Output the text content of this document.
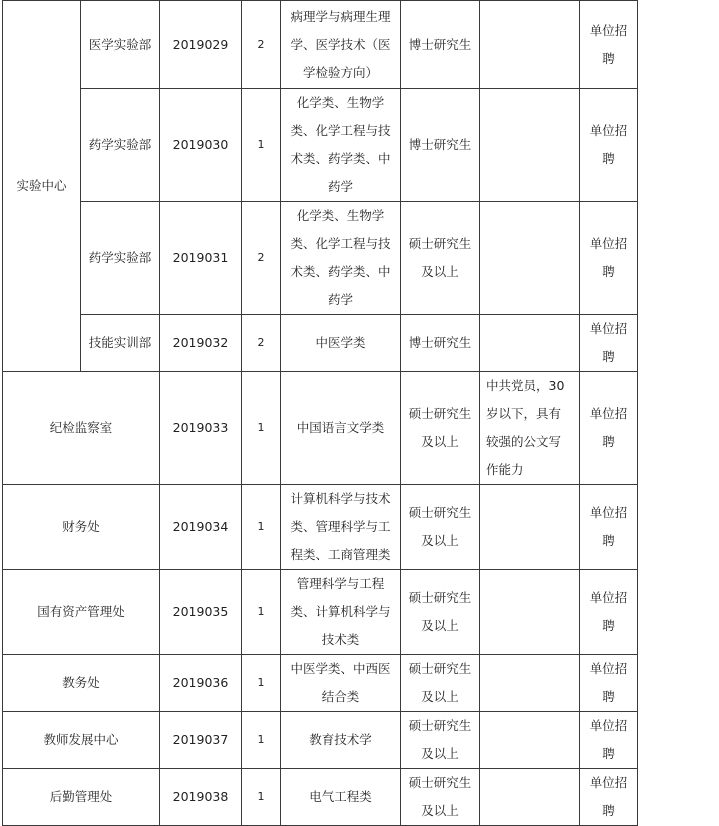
实验中心	医学实验部	2019029	2	病理学与病理生理学、医学技术（医学检验方向）	博士研究生		单位招聘
	药学实验部	2019030	1	化学类、生物学类、化学工程与技术类、药学类、中药学	博士研究生		单位招聘
	药学实验部	2019031	2	化学类、生物学类、化学工程与技术类、药学类、中药学	硕士研究生及以上		单位招聘
	技能实训部	2019032	2	中医学类	博士研究生		单位招聘
纪检监察室		2019033	1	中国语言文学类	硕士研究生及以上	中共党员，30岁以下，具有较强的公文写作能力	单位招聘
财务处		2019034	1	计算机科学与技术类、管理科学与工程类、工商管理类	硕士研究生及以上		单位招聘
国有资产管理处		2019035	1	管理科学与工程类、计算机科学与技术类	硕士研究生及以上		单位招聘
教务处		2019036	1	中医学类、中西医结合类	硕士研究生及以上		单位招聘
教师发展中心		2019037	1	教育技术学	硕士研究生及以上		单位招聘
后勤管理处		2019038	1	电气工程类	硕士研究生及以上		单位招聘
